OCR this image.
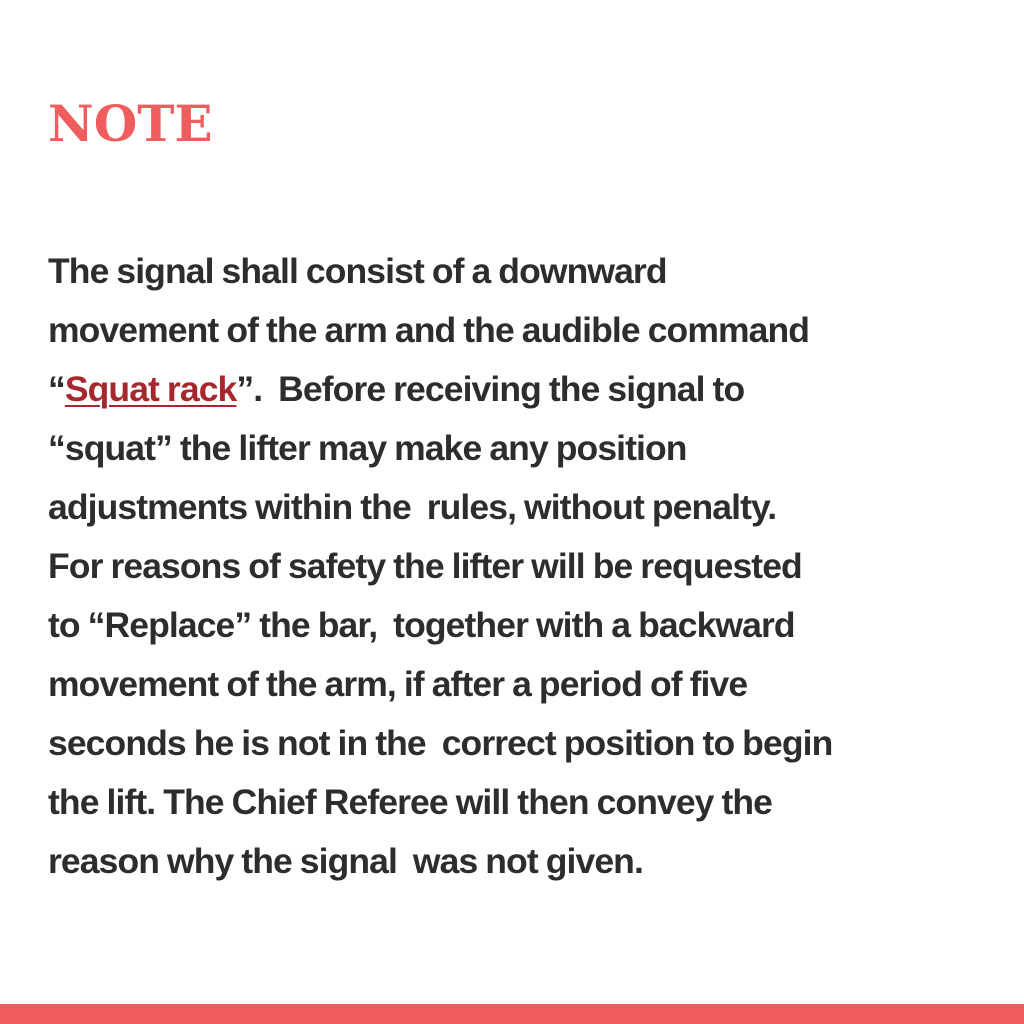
NOTE
The signal shall consist of a downward
movement of the arm and the audible command
“Squat rack”.  Before receiving the signal to
“squat” the lifter may make any position
adjustments within the  rules, without penalty.
For reasons of safety the lifter will be requested
to “Replace” the bar,  together with a backward
movement of the arm, if after a period of five
seconds he is not in the  correct position to begin
the lift. The Chief Referee will then convey the
reason why the signal  was not given.
